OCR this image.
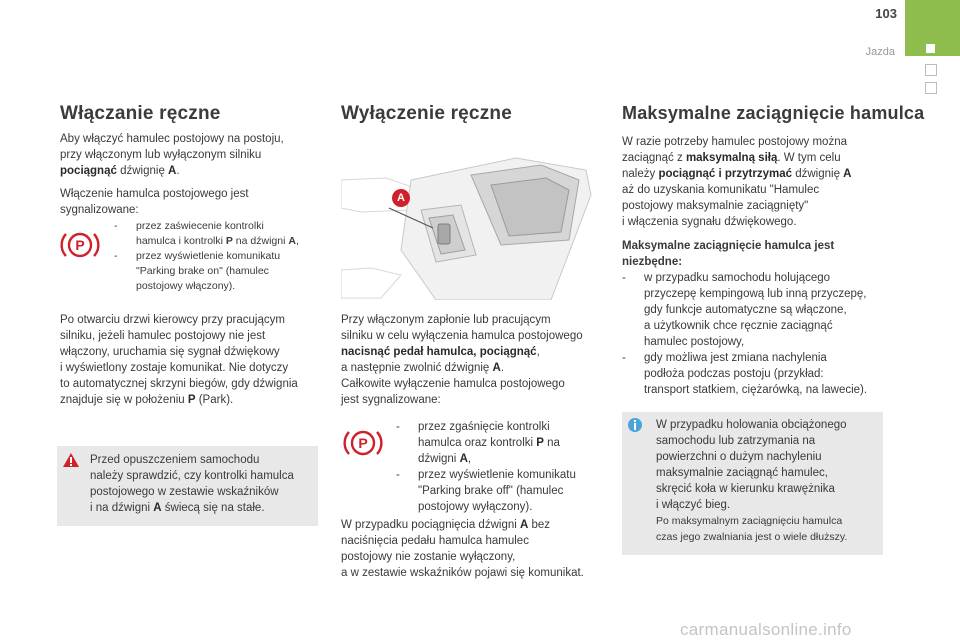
103
Jazda
Włączanie ręczne
Aby włączyć hamulec postojowy na postoju,
przy włączonym lub wyłączonym silniku
pociągnąć dźwignię A.
Włączenie hamulca postojowego jest
sygnalizowane:
P
- przez zaświecenie kontrolki
hamulca i kontrolki P na dźwigni A,
- przez wyświetlenie komunikatu
"Parking brake on" (hamulec
postojowy włączony).
Po otwarciu drzwi kierowcy przy pracującym
silniku, jeżeli hamulec postojowy nie jest
włączony, uruchamia się sygnał dźwiękowy
i wyświetlony zostaje komunikat. Nie dotyczy
to automatycznej skrzyni biegów, gdy dźwignia
znajduje się w położeniu P (Park).
Przed opuszczeniem samochodu
należy sprawdzić, czy kontrolki hamulca
postojowego w zestawie wskaźników
i na dźwigni A świecą się na stałe.
Wyłączenie ręczne
A
Przy włączonym zapłonie lub pracującym
silniku w celu wyłączenia hamulca postojowego
nacisnąć pedał hamulca, pociągnąć,
a następnie zwolnić dźwignię A.
Całkowite wyłączenie hamulca postojowego
jest sygnalizowane:
P
- przez zgaśnięcie kontrolki
hamulca oraz kontrolki P na
dźwigni A,
- przez wyświetlenie komunikatu
"Parking brake off" (hamulec
postojowy wyłączony).
W przypadku pociągnięcia dźwigni A bez
naciśnięcia pedału hamulca hamulec
postojowy nie zostanie wyłączony,
a w zestawie wskaźników pojawi się komunikat.
Maksymalne zaciągnięcie hamulca
W razie potrzeby hamulec postojowy można
zaciągnąć z maksymalną siłą. W tym celu
należy pociągnąć i przytrzymać dźwignię A
aż do uzyskania komunikatu "Hamulec
postojowy maksymalnie zaciągnięty"
i włączenia sygnału dźwiękowego.
Maksymalne zaciągnięcie hamulca jest
niezbędne:
- w przypadku samochodu holującego
przyczepę kempingową lub inną przyczepę,
gdy funkcje automatyczne są włączone,
a użytkownik chce ręcznie zaciągnąć
hamulec postojowy,
- gdy możliwa jest zmiana nachylenia
podłoża podczas postoju (przykład:
transport statkiem, ciężarówką, na lawecie).
W przypadku holowania obciążonego
samochodu lub zatrzymania na
powierzchni o dużym nachyleniu
maksymalnie zaciągnąć hamulec,
skręcić koła w kierunku krawężnika
i włączyć bieg.
Po maksymalnym zaciągnięciu hamulca
czas jego zwalniania jest o wiele dłuższy.
carmanualsonline.info
